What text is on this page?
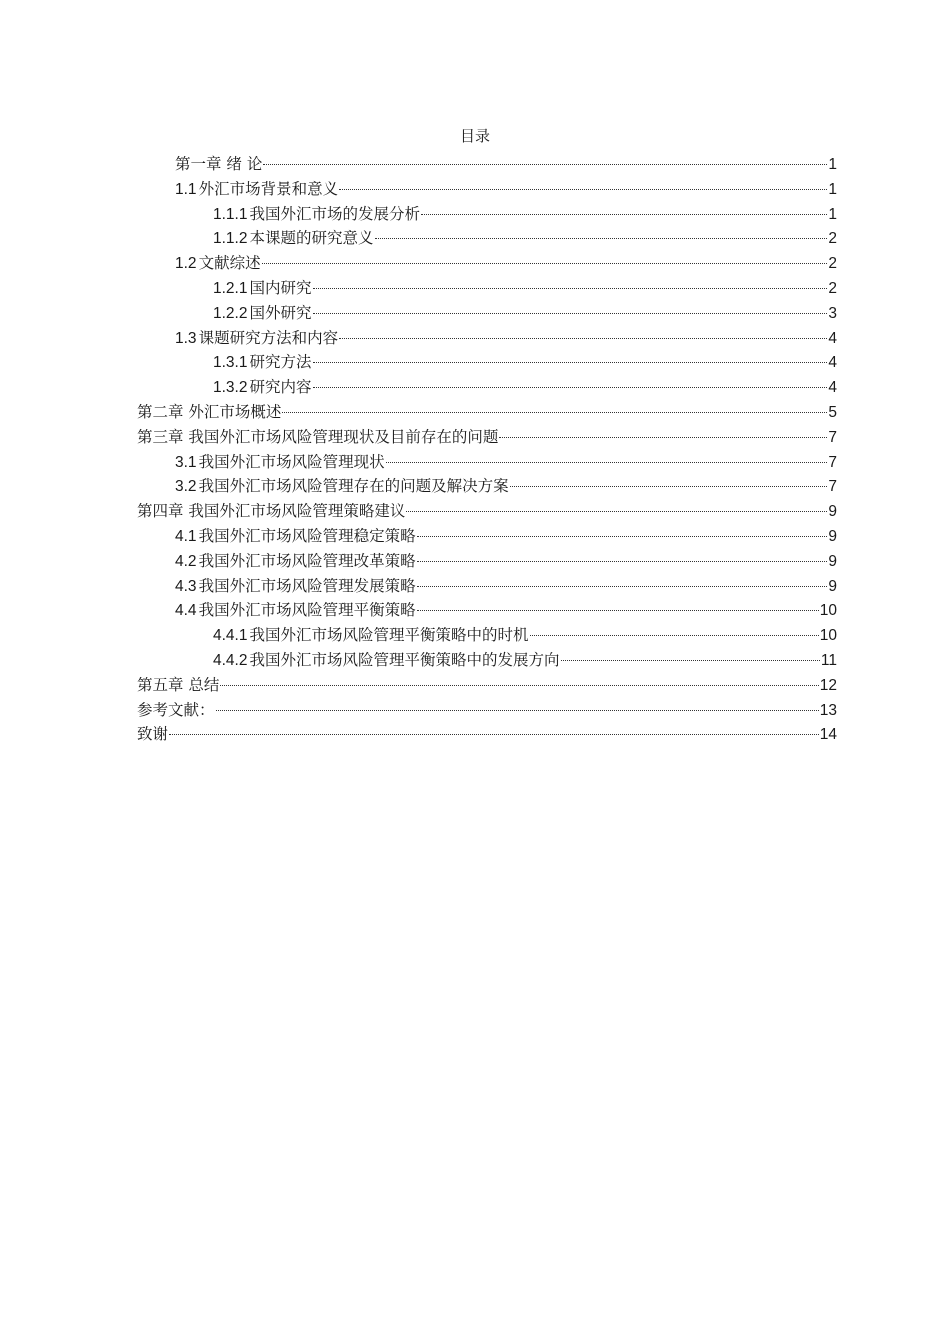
目录
第一章 绪 论	1
1.1 外汇市场背景和意义	1
1.1.1 我国外汇市场的发展分析	1
1.1.2 本课题的研究意义	2
1.2 文献综述	2
1.2.1 国内研究	2
1.2.2 国外研究	3
1.3 课题研究方法和内容	4
1.3.1 研究方法	4
1.3.2 研究内容	4
第二章 外汇市场概述	5
第三章 我国外汇市场风险管理现状及目前存在的问题	7
3.1 我国外汇市场风险管理现状	7
3.2 我国外汇市场风险管理存在的问题及解决方案	7
第四章 我国外汇市场风险管理策略建议	9
4.1 我国外汇市场风险管理稳定策略	9
4.2 我国外汇市场风险管理改革策略	9
4.3 我国外汇市场风险管理发展策略	9
4.4 我国外汇市场风险管理平衡策略	10
4.4.1 我国外汇市场风险管理平衡策略中的时机	10
4.4.2 我国外汇市场风险管理平衡策略中的发展方向	11
第五章 总结	12
参考文献：	13
致谢	14
